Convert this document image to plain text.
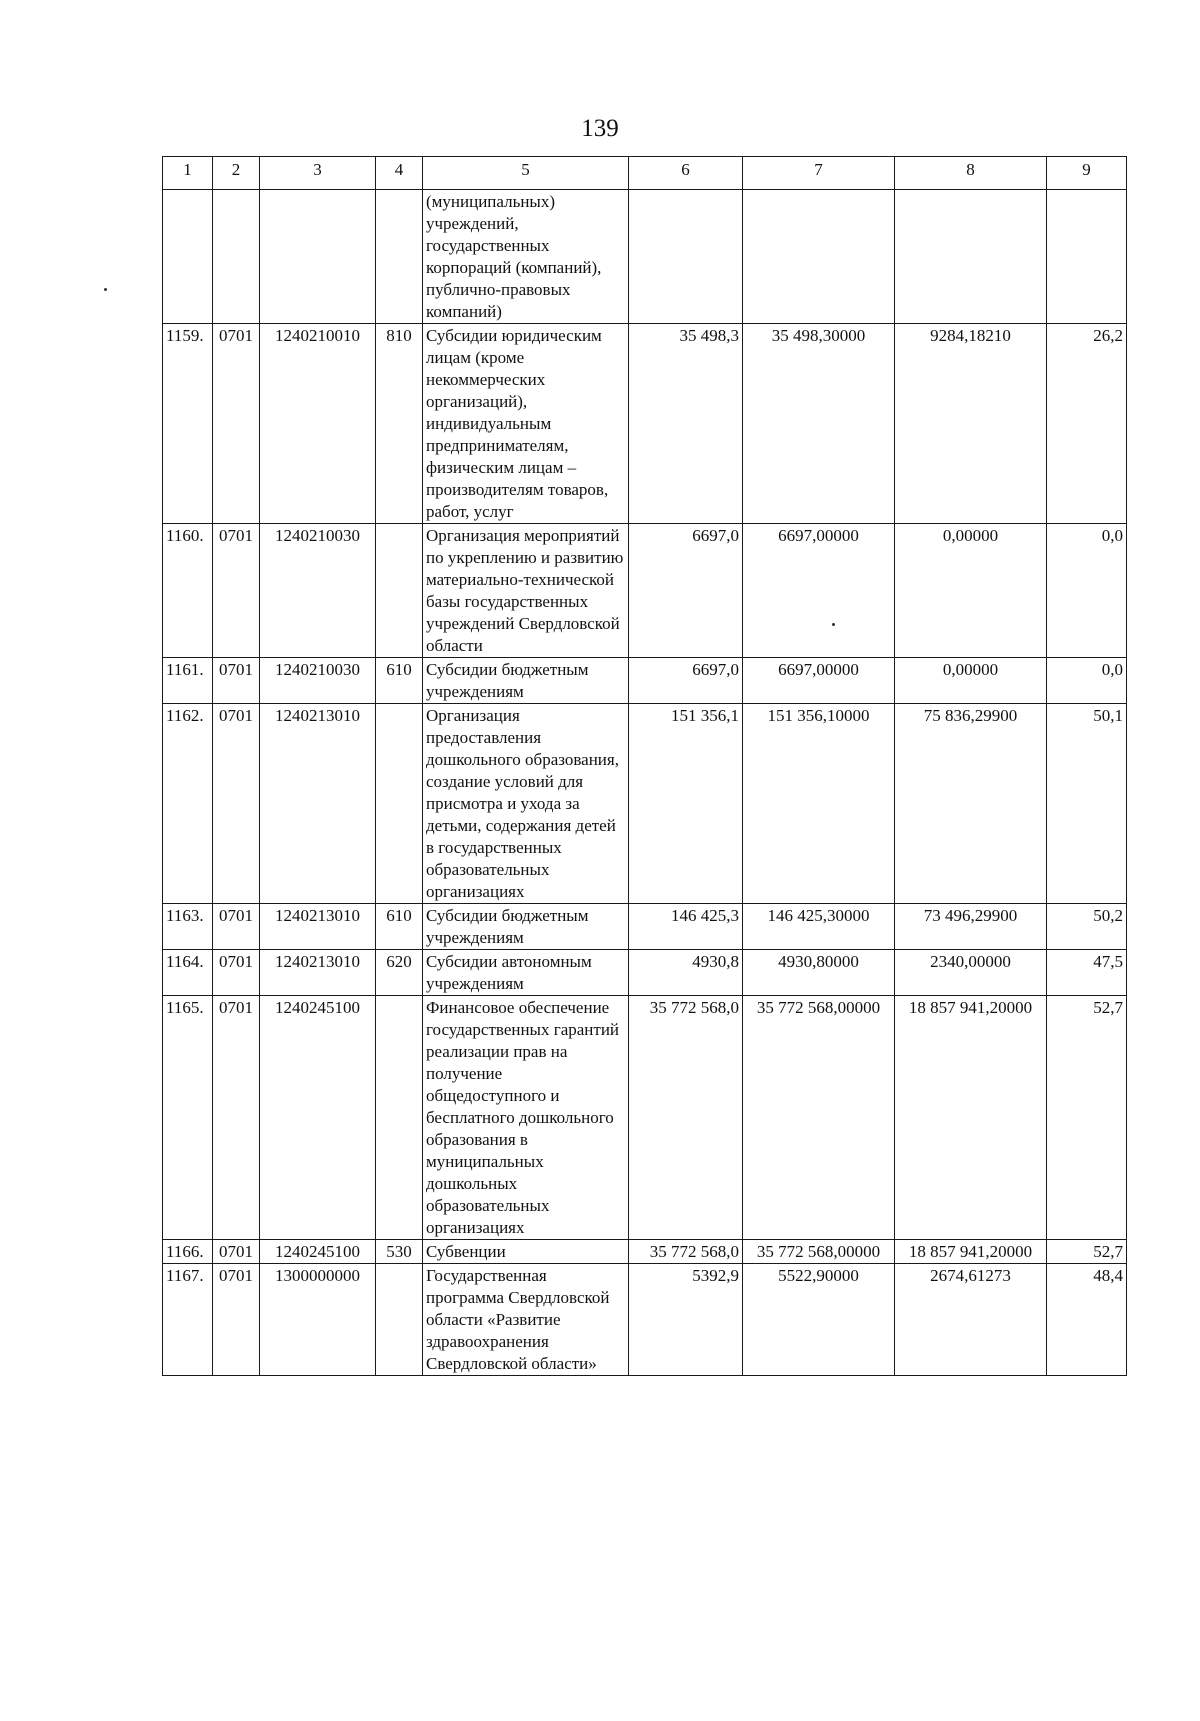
139
1	2	3	4	5	6	7	8	9
				(муниципальных) учреждений, государственных корпораций (компаний), публично-правовых компаний)				
1159.	0701	1240210010	810	Субсидии юридическим лицам (кроме некоммерческих организаций), индивидуальным предпринимателям, физическим лицам – производителям товаров, работ, услуг	35 498,3	35 498,30000	9284,18210	26,2
1160.	0701	1240210030		Организация мероприятий по укреплению и развитию материально-технической базы государственных учреждений Свердловской области	6697,0	6697,00000	0,00000	0,0
1161.	0701	1240210030	610	Субсидии бюджетным учреждениям	6697,0	6697,00000	0,00000	0,0
1162.	0701	1240213010		Организация предоставления дошкольного образования, создание условий для присмотра и ухода за детьми, содержания детей в государственных образовательных организациях	151 356,1	151 356,10000	75 836,29900	50,1
1163.	0701	1240213010	610	Субсидии бюджетным учреждениям	146 425,3	146 425,30000	73 496,29900	50,2
1164.	0701	1240213010	620	Субсидии автономным учреждениям	4930,8	4930,80000	2340,00000	47,5
1165.	0701	1240245100		Финансовое обеспечение государственных гарантий реализации прав на получение общедоступного и бесплатного дошкольного образования в муниципальных дошкольных образовательных организациях	35 772 568,0	35 772 568,00000	18 857 941,20000	52,7
1166.	0701	1240245100	530	Субвенции	35 772 568,0	35 772 568,00000	18 857 941,20000	52,7
1167.	0701	1300000000		Государственная программа Свердловской области «Развитие здравоохранения Свердловской области»	5392,9	5522,90000	2674,61273	48,4
